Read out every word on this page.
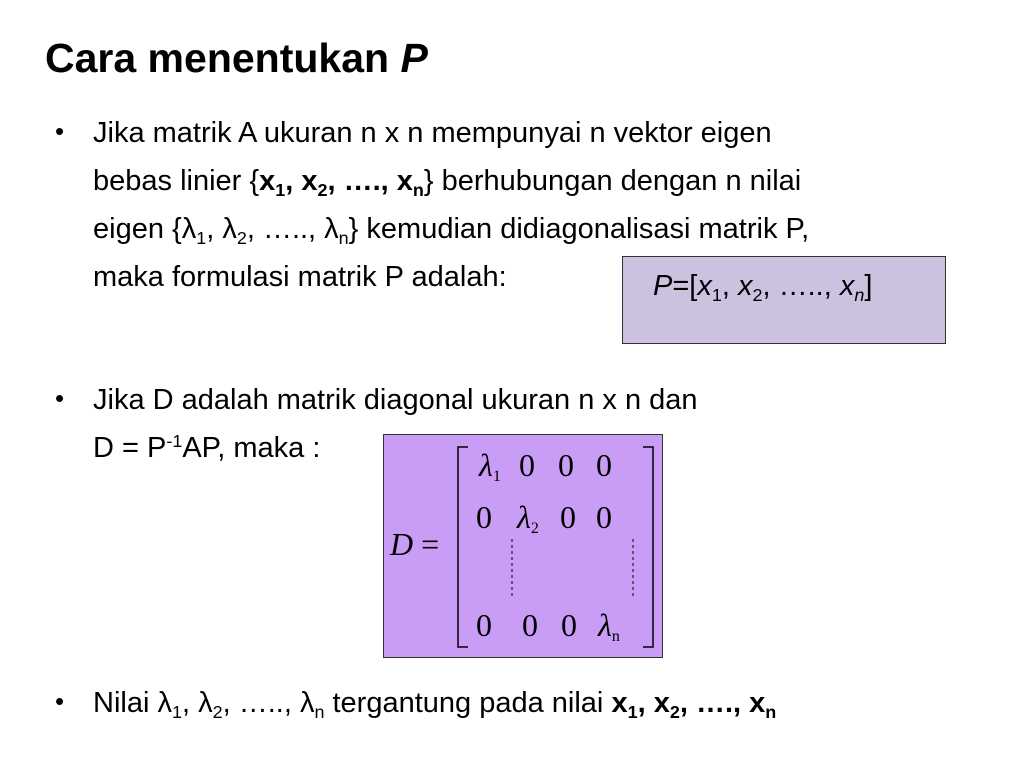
Cara menentukan P
• Jika matrik A ukuran n x n mempunyai n vektor eigen
bebas linier {$x_1$, $x_2$, …., $x_n$} berhubungan dengan n nilai
eigen {$\lambda_1$, $\lambda_2$, ….., $\lambda_n$} kemudian didiagonalisasi matrik P,
maka formulasi matrik P adalah:	$P=[x_1$, $x_2$, ….., $x_n$]
• Jika D adalah matrik diagonal ukuran n x n dan
$D = P^{-1}AP$, maka :
D =
$\lambda_1$ 0 0 0
0 $\lambda_2$ 0 0
0 0 0 $\lambda_n$
• Nilai $\lambda_1$, $\lambda_2$, ….., $\lambda_n$ tergantung pada nilai $x_1$, $x_2$, …., $x_n$
